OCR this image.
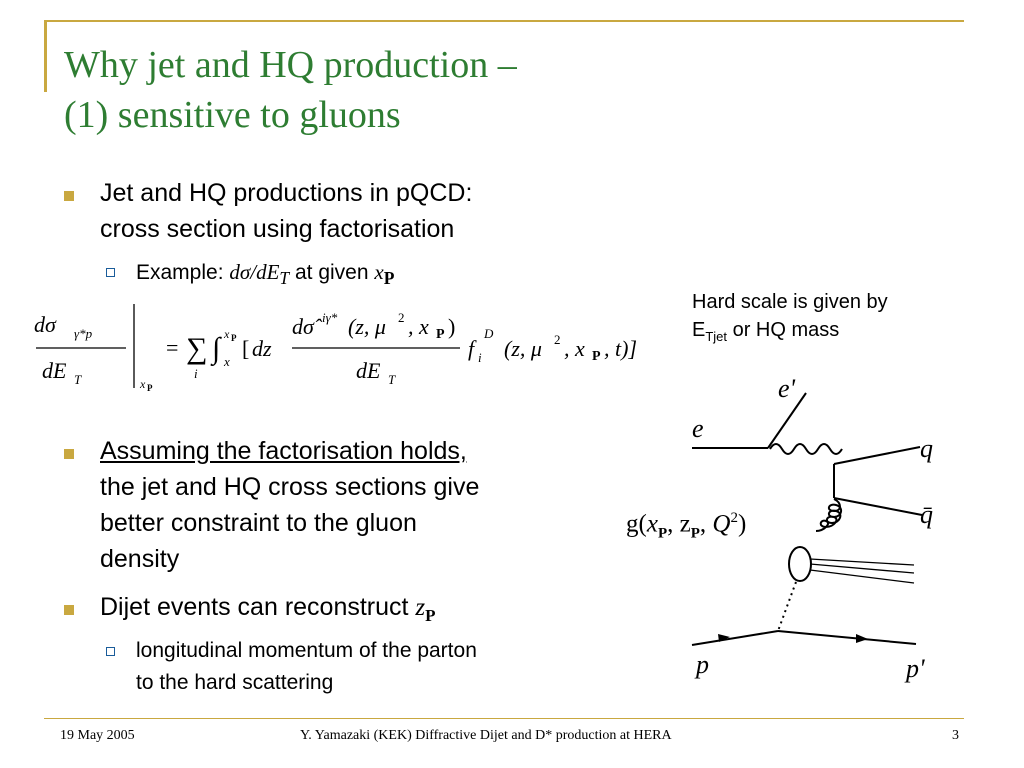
Why jet and HQ production –
(1) sensitive to gluons
Jet and HQ productions in pQCD:
cross section using factorisation
Example: $d\sigma/dE_T$ at given $x_P$
dσ γ*p
dE T	x P
= ∑
i
∫ x P
x
[ dz
dσ̂ iγ* (z, μ 2 , x P )
dE T
f i
D
(z, μ 2 , x P , t)]
Assuming the factorisation holds,
the jet and HQ cross sections give
better constraint to the gluon
density
Dijet events can reconstruct $z_P$
longitudinal momentum of the parton
to the hard scattering
Hard scale is given by
$E_{Tjet}$ or HQ mass
e'
e
q
q̄
p	p'
$g(x_P$, $z_P$, $Q^2$)
19 May 2005	Y. Yamazaki (KEK) Diffractive Dijet and D* production at HERA	3
